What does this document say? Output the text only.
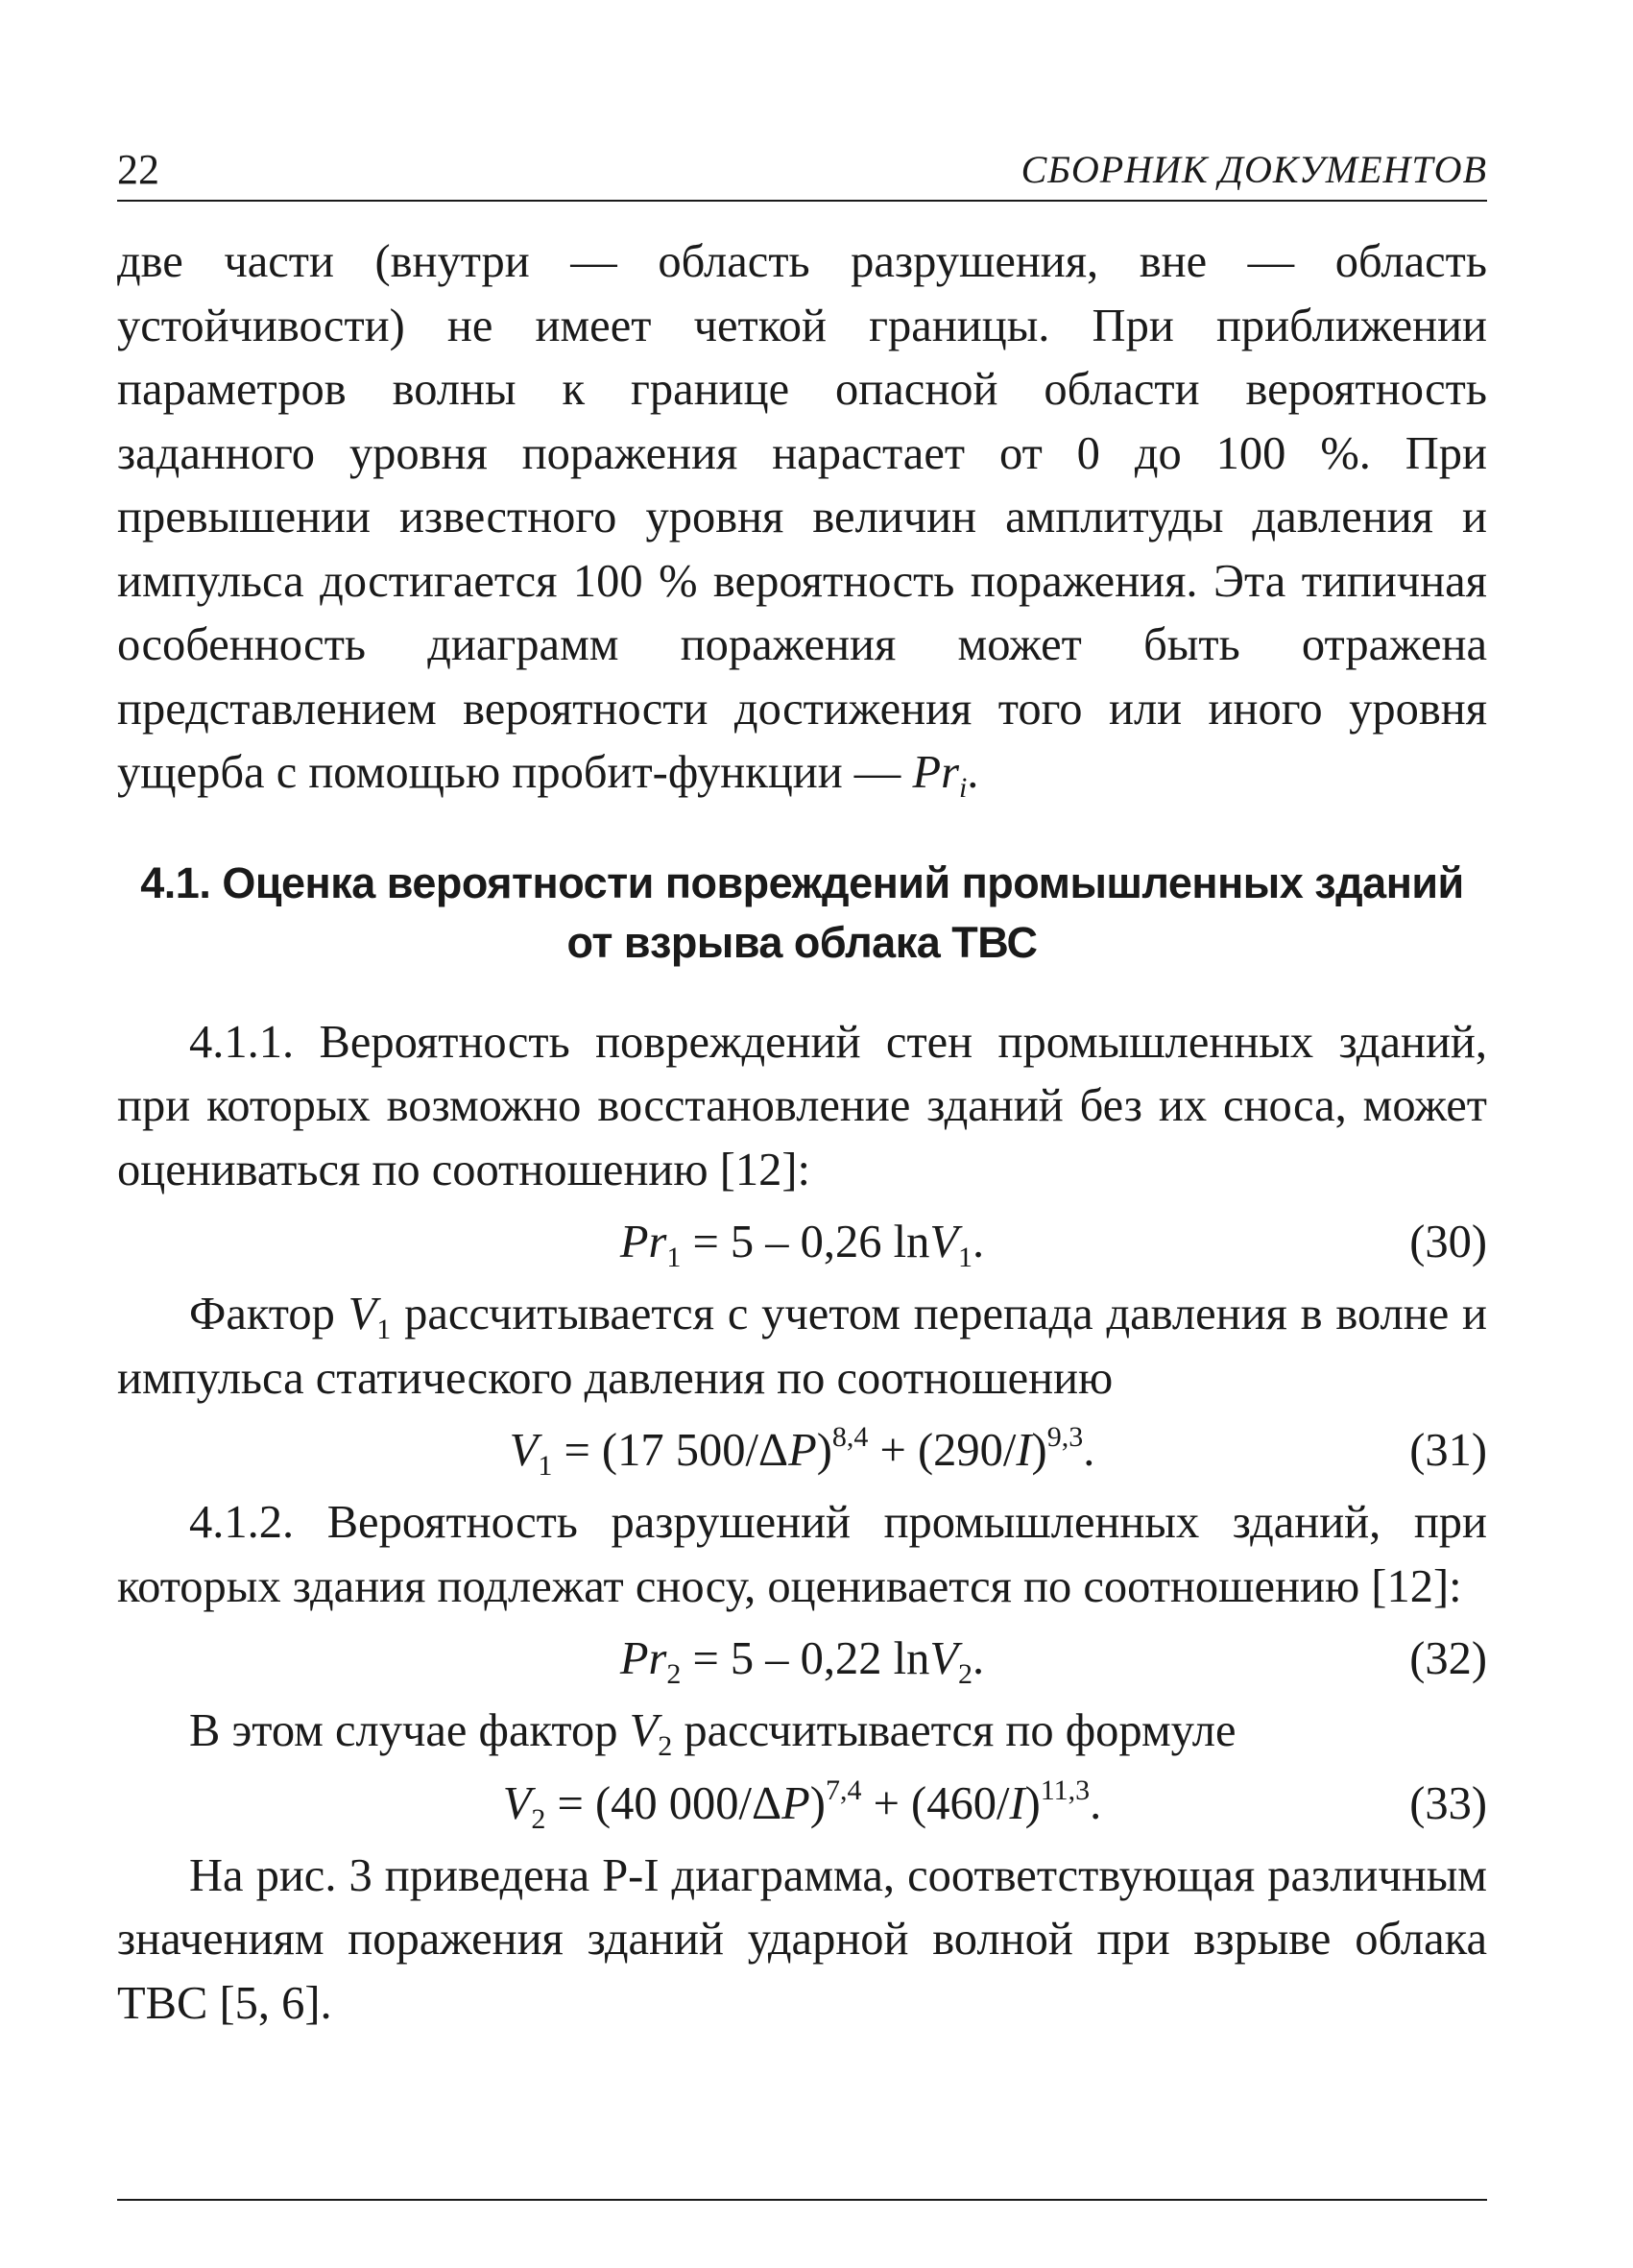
22	СБОРНИК ДОКУМЕНТОВ

две части (внутри — область разрушения, вне — область устойчивости) не имеет четкой границы. При приближении параметров волны к границе опасной области вероятность заданного уровня поражения нарастает от 0 до 100 %. При превышении известного уровня величин амплитуды давления и импульса достигается 100 % вероятность поражения. Эта типичная особенность диаграмм поражения может быть отражена представлением вероятности достижения того или иного уровня ущерба с помощью пробит-функции — $Pr_i$.

4.1. Оценка вероятности повреждений промышленных зданий
от взрыва облака ТВС

4.1.1. Вероятность повреждений стен промышленных зданий, при которых возможно восстановление зданий без их сноса, может оцениваться по соотношению [12]:

$Pr_1 = 5 - 0,26$ lnV$_1$.	(30)

Фактор $V_1$ рассчитывается с учетом перепада давления в волне и импульса статического давления по соотношению

$V_1 = (17$ $500/\Delta P)^{8,4} + (290/I)^{9,3}$.	(31)

4.1.2. Вероятность разрушений промышленных зданий, при которых здания подлежат сносу, оценивается по соотношению [12]:

$Pr_2 = 5 - 0,22$ lnV$_2$.	(32)

В этом случае фактор $V_2$ рассчитывается по формуле

$V_2 = (40$ $000/\Delta P)^{7,4} + (460/I)^{11,3}$.	(33)

На рис. 3 приведена Р-I диаграмма, соответствующая различным значениям поражения зданий ударной волной при взрыве облака ТВС [5, 6].
